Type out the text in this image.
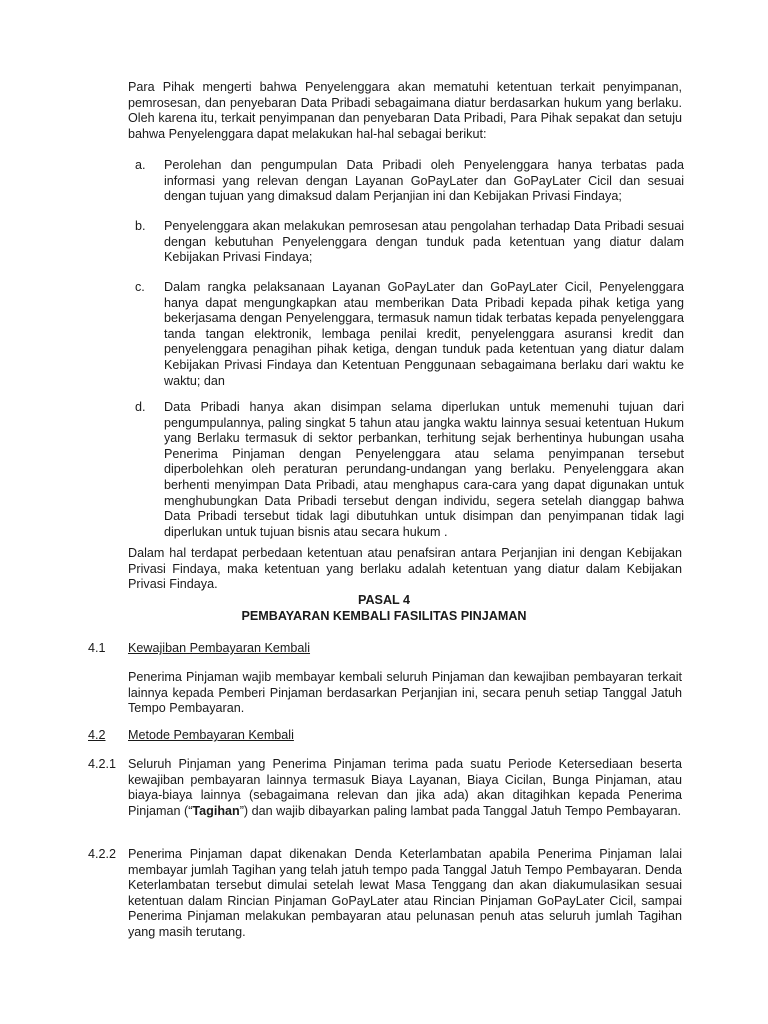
Para Pihak mengerti bahwa Penyelenggara akan mematuhi ketentuan terkait penyimpanan, pemrosesan, dan penyebaran Data Pribadi sebagaimana diatur berdasarkan hukum yang berlaku. Oleh karena itu, terkait penyimpanan dan penyebaran Data Pribadi, Para Pihak sepakat dan setuju bahwa Penyelenggara dapat melakukan hal-hal sebagai berikut:

a. Perolehan dan pengumpulan Data Pribadi oleh Penyelenggara hanya terbatas pada informasi yang relevan dengan Layanan GoPayLater dan GoPayLater Cicil dan sesuai dengan tujuan yang dimaksud dalam Perjanjian ini dan Kebijakan Privasi Findaya;
b. Penyelenggara akan melakukan pemrosesan atau pengolahan terhadap Data Pribadi sesuai dengan kebutuhan Penyelenggara dengan tunduk pada ketentuan yang diatur dalam Kebijakan Privasi Findaya;
c. Dalam rangka pelaksanaan Layanan GoPayLater dan GoPayLater Cicil, Penyelenggara hanya dapat mengungkapkan atau memberikan Data Pribadi kepada pihak ketiga yang bekerjasama dengan Penyelenggara, termasuk namun tidak terbatas kepada penyelenggara tanda tangan elektronik, lembaga penilai kredit, penyelenggara asuransi kredit dan penyelenggara penagihan pihak ketiga, dengan tunduk pada ketentuan yang diatur dalam Kebijakan Privasi Findaya dan Ketentuan Penggunaan sebagaimana berlaku dari waktu ke waktu; dan
d. Data Pribadi hanya akan disimpan selama diperlukan untuk memenuhi tujuan dari pengumpulannya, paling singkat 5 tahun atau jangka waktu lainnya sesuai ketentuan Hukum yang Berlaku termasuk di sektor perbankan, terhitung sejak berhentinya hubungan usaha Penerima Pinjaman dengan Penyelenggara atau selama penyimpanan tersebut diperbolehkan oleh peraturan perundang-undangan yang berlaku. Penyelenggara akan berhenti menyimpan Data Pribadi, atau menghapus cara-cara yang dapat digunakan untuk menghubungkan Data Pribadi tersebut dengan individu, segera setelah dianggap bahwa Data Pribadi tersebut tidak lagi dibutuhkan untuk disimpan dan penyimpanan tidak lagi diperlukan untuk tujuan bisnis atau secara hukum .

Dalam hal terdapat perbedaan ketentuan atau penafsiran antara Perjanjian ini dengan Kebijakan Privasi Findaya, maka ketentuan yang berlaku adalah ketentuan yang diatur dalam Kebijakan Privasi Findaya.

PASAL 4
PEMBAYARAN KEMBALI FASILITAS PINJAMAN
4.1 Kewajiban Pembayaran Kembali

Penerima Pinjaman wajib membayar kembali seluruh Pinjaman dan kewajiban pembayaran terkait lainnya kepada Pemberi Pinjaman berdasarkan Perjanjian ini, secara penuh setiap Tanggal Jatuh Tempo Pembayaran.

4.2 Metode Pembayaran Kembali
4.2.1 Seluruh Pinjaman yang Penerima Pinjaman terima pada suatu Periode Ketersediaan beserta kewajiban pembayaran lainnya termasuk Biaya Layanan, Biaya Cicilan, Bunga Pinjaman, atau biaya-biaya lainnya (sebagaimana relevan dan jika ada) akan ditagihkan kepada Penerima Pinjaman (“Tagihan”) dan wajib dibayarkan paling lambat pada Tanggal Jatuh Tempo Pembayaran.

4.2.2 Penerima Pinjaman dapat dikenakan Denda Keterlambatan apabila Penerima Pinjaman lalai membayar jumlah Tagihan yang telah jatuh tempo pada Tanggal Jatuh Tempo Pembayaran. Denda Keterlambatan tersebut dimulai setelah lewat Masa Tenggang dan akan diakumulasikan sesuai ketentuan dalam Rincian Pinjaman GoPayLater atau Rincian Pinjaman GoPayLater Cicil, sampai Penerima Pinjaman melakukan pembayaran atau pelunasan penuh atas seluruh jumlah Tagihan yang masih terutang.
